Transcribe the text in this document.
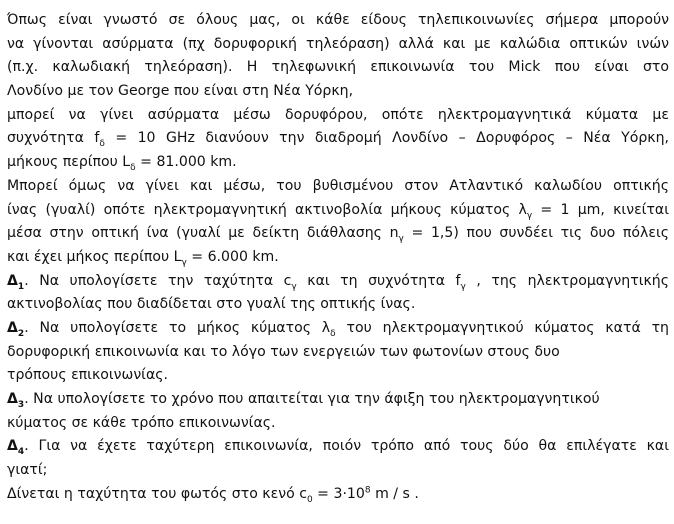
Όπως είναι γνωστό σε όλους μας, οι κάθε είδους τηλεπικοινωνίες σήμερα μπορούν
να γίνονται ασύρματα (πχ δορυφορική τηλεόραση) αλλά και με καλώδια οπτικών ινών
(π.χ. καλωδιακή τηλεόραση). Η τηλεφωνική επικοινωνία του Mick που είναι στο
Λονδίνο με τον George που είναι στη Νέα Υόρκη,
μπορεί να γίνει ασύρματα μέσω δορυφόρου, οπότε ηλεκτρομαγνητικά κύματα με
συχνότητα $f_\delta = 10$ GHz διανύουν την διαδρομή Λονδίνο – Δορυφόρος – Νέα Υόρκη,
μήκους περίπου $L_\delta = 81.000$ km.
Μπορεί όμως να γίνει και μέσω, του βυθισμένου στον Ατλαντικό καλωδίου οπτικής
ίνας (γυαλί) οπότε ηλεκτρομαγνητική ακτινοβολία μήκους κύματος $\lambda_\gamma = 1$ μm, κινείται
μέσα στην οπτική ίνα (γυαλί με δείκτη διάθλασης $n_\gamma = 1,5$) που συνδέει τις δυο πόλεις
και έχει μήκος περίπου $L_\gamma = 6.000$ km.
$\Delta_1$. Να υπολογίσετε την ταχύτητα $c_\gamma$ και τη συχνότητα $f_\gamma$ , της ηλεκτρομαγνητικής
ακτινοβολίας που διαδίδεται στο γυαλί της οπτικής ίνας.
$\Delta_2$. Να υπολογίσετε το μήκος κύματος $\lambda_\delta$ του ηλεκτρομαγνητικού κύματος κατά τη
δορυφορική επικοινωνία και το λόγο των ενεργειών των φωτονίων στους δυο
τρόπους επικοινωνίας.
$\Delta_3$. Να υπολογίσετε το χρόνο που απαιτείται για την άφιξη του ηλεκτρομαγνητικού
κύματος σε κάθε τρόπο επικοινωνίας.
$\Delta_4$. Για να έχετε ταχύτερη επικοινωνία, ποιόν τρόπο από τους δύο θα επιλέγατε και
γιατί;
Δίνεται η ταχύτητα του φωτός στο κενό $c_0 = 3\cdot 10^8$ m / s .
